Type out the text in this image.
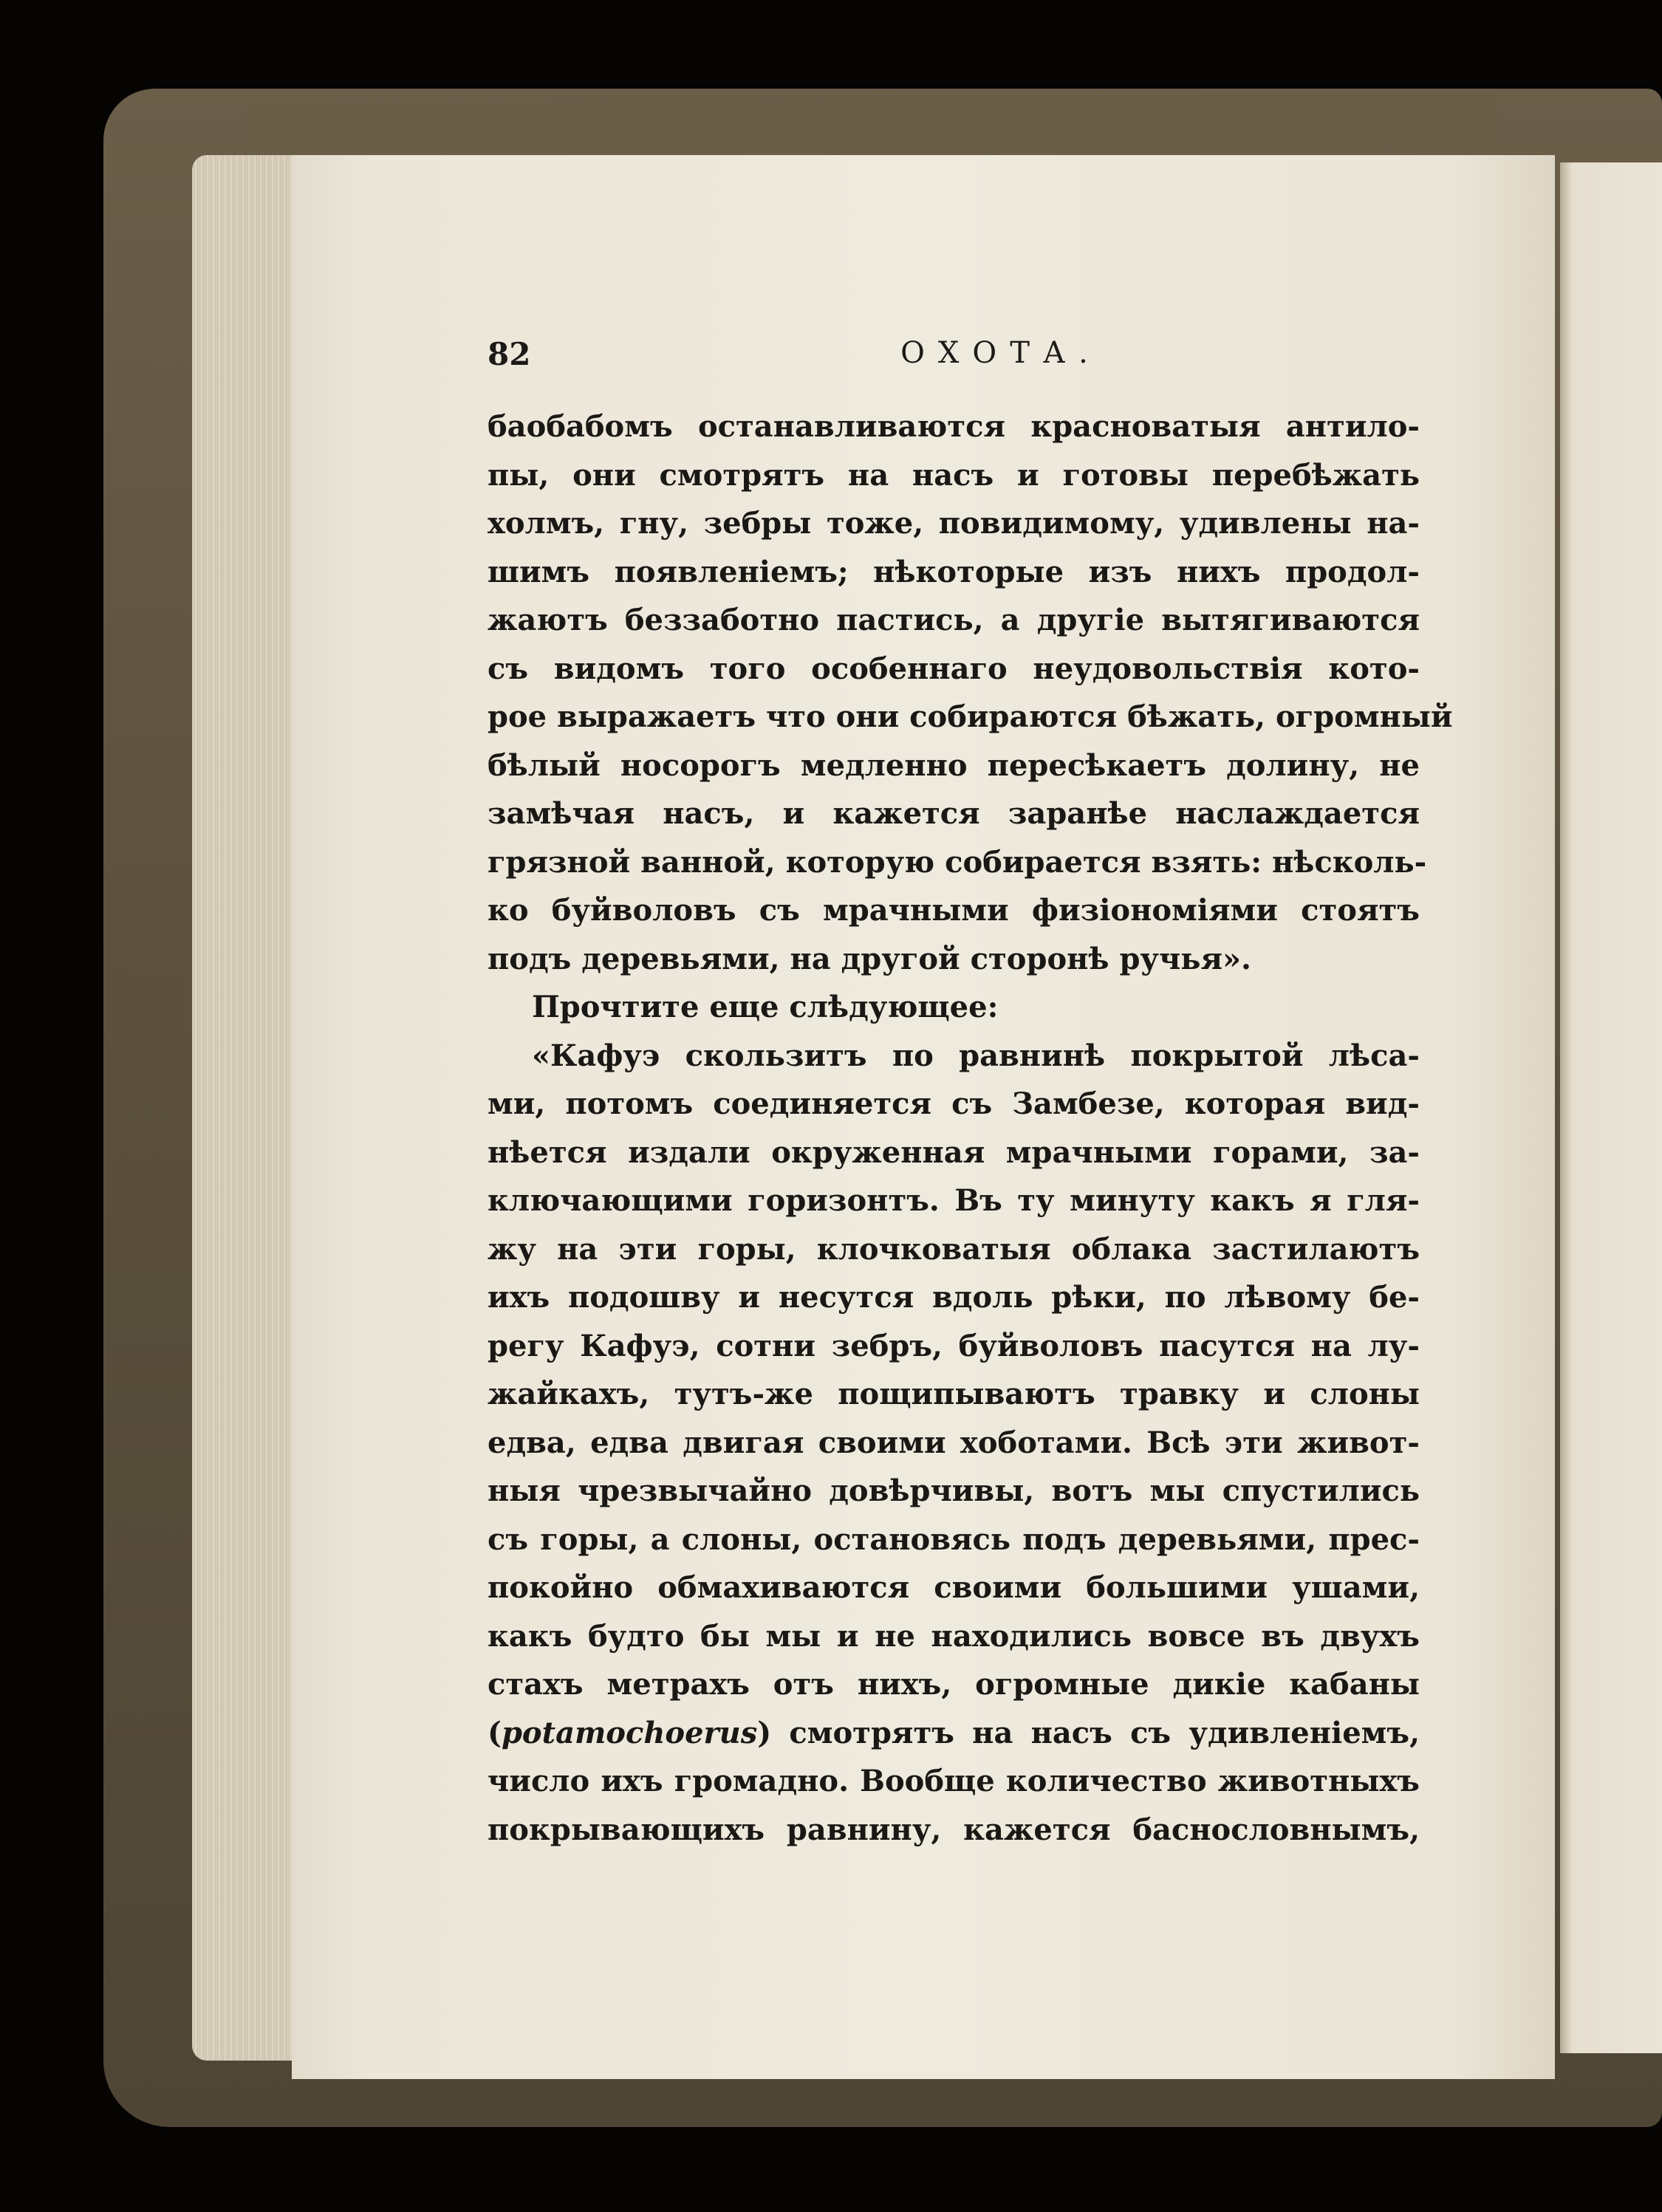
82	ОХОТА.
баобабомъ останавливаются красноватыя антило-
пы, они смотрятъ на насъ и готовы перебѣжать
холмъ, гну, зебры тоже, повидимому, удивлены на-
шимъ появленіемъ; нѣкоторые изъ нихъ продол-
жаютъ беззаботно пастись, а другіе вытягиваются
съ видомъ того особеннаго неудовольствія кото-
рое выражаетъ что они собираются бѣжать, огромный
бѣлый носорогъ медленно пересѣкаетъ долину, не
замѣчая насъ, и кажется заранѣе наслаждается
грязной ванной, которую собирается взять: нѣсколь-
ко буйволовъ съ мрачными физіономіями стоятъ
подъ деревьями, на другой сторонѣ ручья».
Прочтите еще слѣдующее:
«Кафуэ скользитъ по равнинѣ покрытой лѣса-
ми, потомъ соединяется съ Замбезе, которая вид-
нѣется издали окруженная мрачными горами, за-
ключающими горизонтъ. Въ ту минуту какъ я гля-
жу на эти горы, клочковатыя облака застилаютъ
ихъ подошву и несутся вдоль рѣки, по лѣвому бе-
регу Кафуэ, сотни зебръ, буйволовъ пасутся на лу-
жайкахъ, тутъ-же пощипываютъ травку и слоны
едва, едва двигая своими хоботами. Всѣ эти живот-
ныя чрезвычайно довѣрчивы, вотъ мы спустились
съ горы, а слоны, остановясь подъ деревьями, прес-
покойно обмахиваются своими большими ушами,
какъ будто бы мы и не находились вовсе въ двухъ
стахъ метрахъ отъ нихъ, огромные дикіе кабаны
(potamochoerus) смотрятъ на насъ съ удивленіемъ,
число ихъ громадно. Вообще количество животныхъ
покрывающихъ равнину, кажется баснословнымъ,
